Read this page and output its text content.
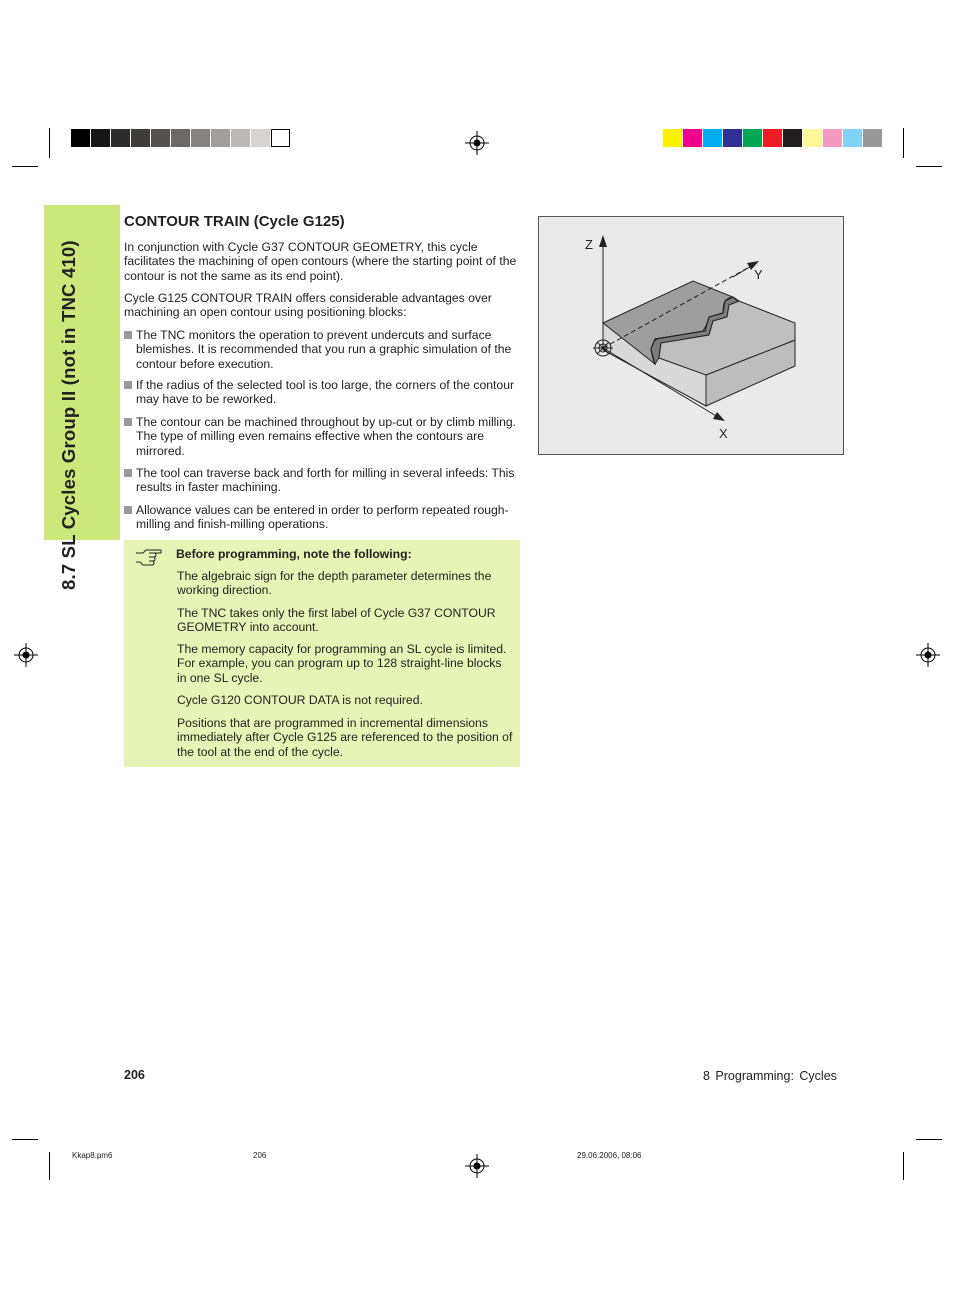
8.7 SL Cycles Group II (not in TNC 410)
CONTOUR TRAIN (Cycle G125)

In conjunction with Cycle G37 CONTOUR GEOMETRY, this cycle facilitates the machining of open contours (where the starting point of the contour is not the same as its end point).

Cycle G125 CONTOUR TRAIN offers considerable advantages over machining an open contour using positioning blocks:

The TNC monitors the operation to prevent undercuts and surface blemishes. It is recommended that you run a graphic simulation of the contour before execution.
If the radius of the selected tool is too large, the corners of the contour may have to be reworked.
The contour can be machined throughout by up-cut or by climb milling. The type of milling even remains effective when the contours are mirrored.
The tool can traverse back and forth for milling in several infeeds: This results in faster machining.
Allowance values can be entered in order to perform repeated rough-milling and finish-milling operations.
Before programming, note the following:

The algebraic sign for the depth parameter determines the working direction.

The TNC takes only the first label of Cycle G37 CONTOUR GEOMETRY into account.

The memory capacity for programming an SL cycle is limited. For example, you can program up to 128 straight-line blocks in one SL cycle.

Cycle G120 CONTOUR DATA is not required.

Positions that are programmed in incremental dimensions immediately after Cycle G125 are referenced to the position of the tool at the end of the cycle.

Z
Y
X
206	8 Programming: Cycles
Kkap8.pm6	206	29.06.2006, 08:06
